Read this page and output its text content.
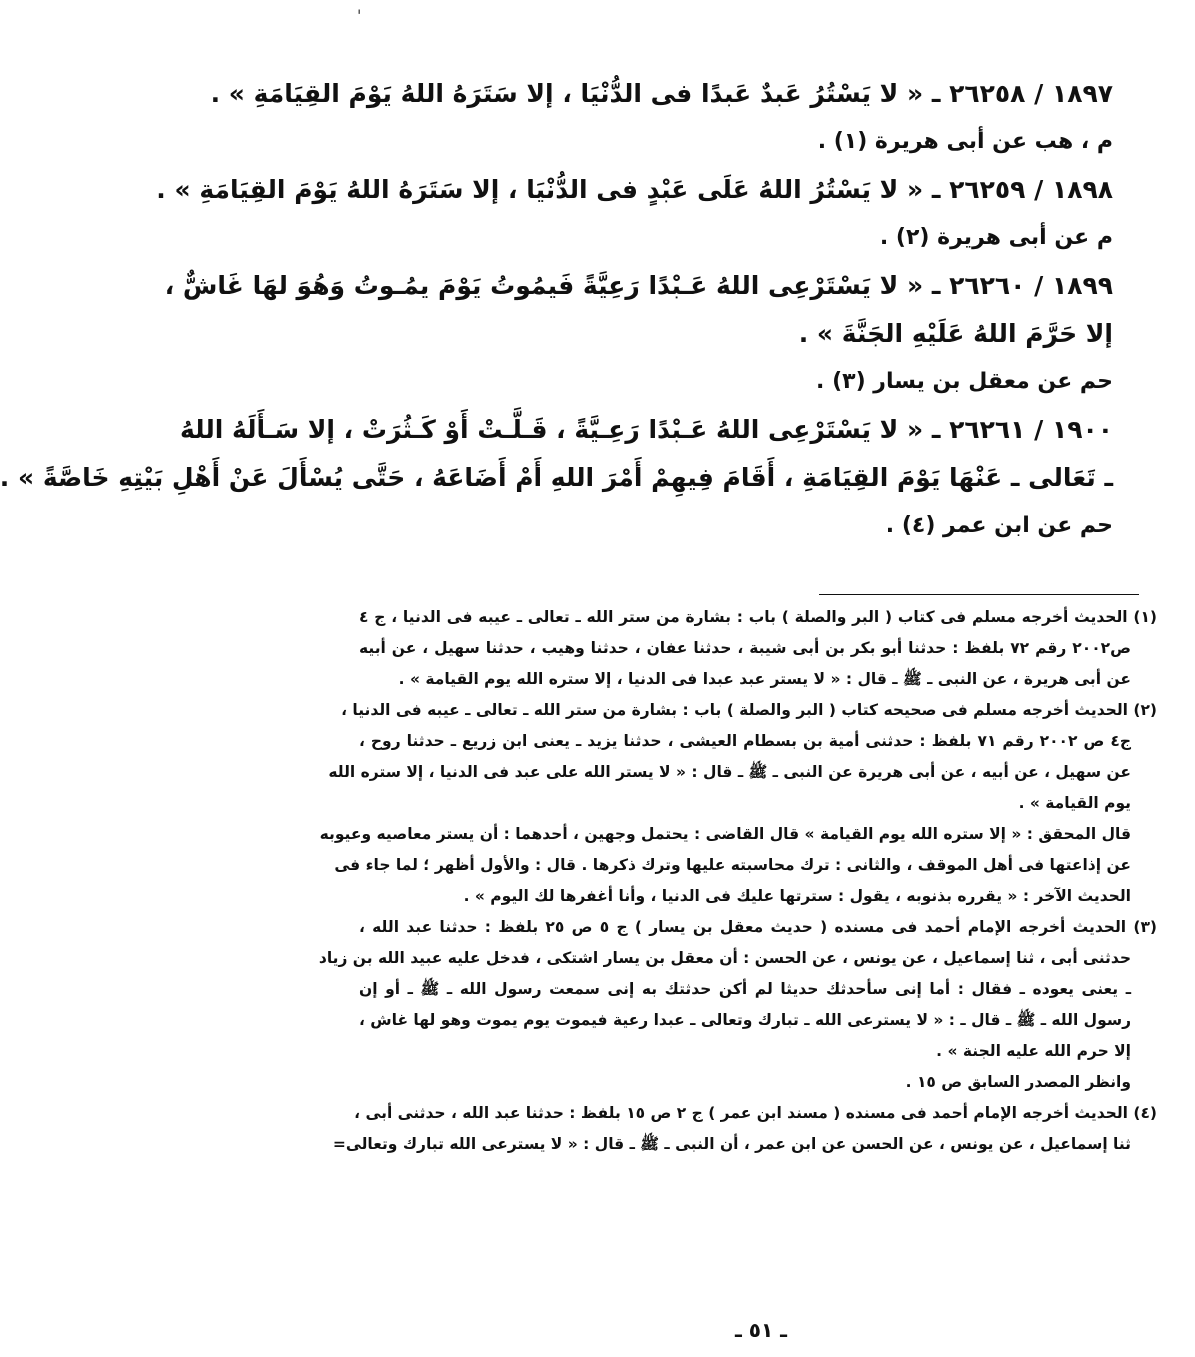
'
١٨٩٧ / ٢٦٢٥٨ ـ « لا يَسْتُرُ عَبدٌ عَبدًا فى الدُّنْيَا ، إلا سَتَرَهُ اللهُ يَوْمَ القِيَامَةِ » .
م ، هب عن أبى هريرة (١) .
١٨٩٨ / ٢٦٢٥٩ ـ « لا يَسْتُرُ اللهُ عَلَى عَبْدٍ فى الدُّنْيَا ، إلا سَتَرَهُ اللهُ يَوْمَ القِيَامَةِ » .
م عن أبى هريرة (٢) .
١٨٩٩ / ٢٦٢٦٠ ـ « لا يَسْتَرْعِى اللهُ عَـبْدًا رَعِيَّةً فَيمُوتُ يَوْمَ يمُـوتُ وَهُوَ لهَا غَاشٌّ ،
إلا حَرَّمَ اللهُ عَلَيْهِ الجَنَّةَ » .
حم عن معقل بن يسار (٣) .
١٩٠٠ / ٢٦٢٦١ ـ « لا يَسْتَرْعِى اللهُ عَـبْدًا رَعِـيَّةً ، قَـلَّـتْ أَوْ كَـثُرَتْ ، إلا سَـأَلَهُ اللهُ
ـ تَعَالى ـ عَنْهَا يَوْمَ القِيَامَةِ ، أَقَامَ فِيهِمْ أَمْرَ اللهِ أَمْ أَضَاعَهُ ، حَتَّى يُسْأَلَ عَنْ أَهْلِ بَيْتِهِ خَاصَّةً » .
حم عن ابن عمر (٤) .
(١) الحديث أخرجه مسلم فى كتاب ( البر والصلة ) باب : بشارة من ستر الله ـ تعالى ـ عيبه فى الدنيا ، ج ٤
ص٢٠٠٢ رقم ٧٢ بلفظ : حدثنا أبو بكر بن أبى شيبة ، حدثنا عفان ، حدثنا وهيب ، حدثنا سهيل ، عن أبيه
عن أبى هريرة ، عن النبى ـ ﷺ ـ قال : « لا يستر عبد عبدا فى الدنيا ، إلا ستره الله يوم القيامة » .
(٢) الحديث أخرجه مسلم فى صحيحه كتاب ( البر والصلة ) باب : بشارة من ستر الله ـ تعالى ـ عيبه فى الدنيا ،
ج٤ ص ٢٠٠٢ رقم ٧١ بلفظ : حدثنى أمية بن بسطام العيشى ، حدثنا يزيد ـ يعنى ابن زريع ـ حدثنا روح ،
عن سهيل ، عن أبيه ، عن أبى هريرة عن النبى ـ ﷺ ـ قال : « لا يستر الله على عبد فى الدنيا ، إلا ستره الله
يوم القيامة » .
قال المحقق : « إلا ستره الله يوم القيامة » قال القاضى : يحتمل وجهين ، أحدهما : أن يستر معاصيه وعيوبه
عن إذاعتها فى أهل الموقف ، والثانى : ترك محاسبته عليها وترك ذكرها . قال : والأول أظهر ؛ لما جاء فى
الحديث الآخر : « يقرره بذنوبه ، يقول : سترتها عليك فى الدنيا ، وأنا أغفرها لك اليوم » .
(٣) الحديث أخرجه الإمام أحمد فى مسنده ( حديث معقل بن يسار ) ج ٥ ص ٢٥ بلفظ : حدثنا عبد الله ،
حدثنى أبى ، ثنا إسماعيل ، عن يونس ، عن الحسن : أن معقل بن يسار اشتكى ، فدخل عليه عبيد الله بن زياد
ـ يعنى يعوده ـ فقال : أما إنى سأحدثك حديثا لم أكن حدثتك به إنى سمعت رسول الله ـ ﷺ ـ أو إن
رسول الله ـ ﷺ ـ قال ـ : « لا يسترعى الله ـ تبارك وتعالى ـ عبدا رعية فيموت يوم يموت وهو لها غاش ،
إلا حرم الله عليه الجنة » .
وانظر المصدر السابق ص ١٥ .
(٤) الحديث أخرجه الإمام أحمد فى مسنده ( مسند ابن عمر ) ج ٢ ص ١٥ بلفظ : حدثنا عبد الله ، حدثنى أبى ،
ثنا إسماعيل ، عن يونس ، عن الحسن عن ابن عمر ، أن النبى ـ ﷺ ـ قال : « لا يسترعى الله تبارك وتعالى=
ـ ٥١ ـ
